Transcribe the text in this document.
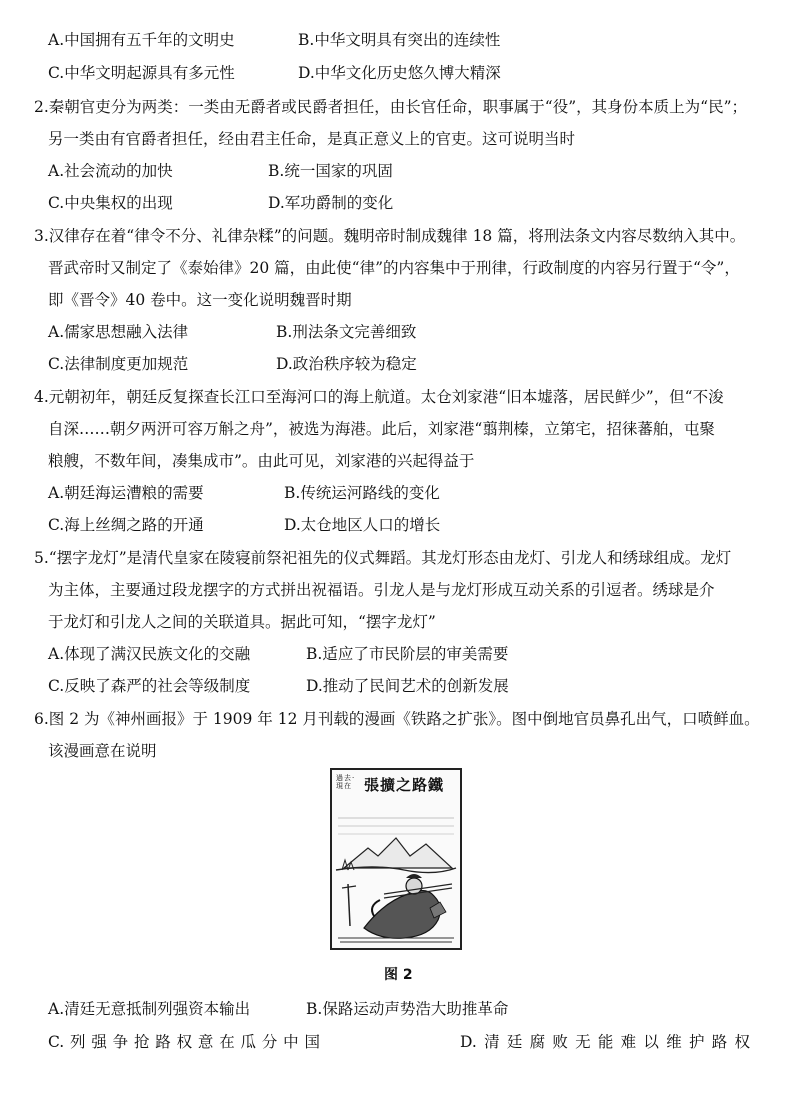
A.中国拥有五千年的文明史	B.中华文明具有突出的连续性
C.中华文明起源具有多元性	D.中华文化历史悠久博大精深
2.秦朝官吏分为两类：一类由无爵者或民爵者担任，由长官任命，职事属于“役”，其身份本质上为“民”；
另一类由有官爵者担任，经由君主任命，是真正意义上的官吏。这可说明当时
A.社会流动的加快	B.统一国家的巩固
C.中央集权的出现	D.军功爵制的变化
3.汉律存在着“律令不分、礼律杂糅”的问题。魏明帝时制成魏律 18 篇，将刑法条文内容尽数纳入其中。
晋武帝时又制定了《泰始律》20 篇，由此使“律”的内容集中于刑律，行政制度的内容另行置于“令”，
即《晋令》40 卷中。这一变化说明魏晋时期
A.儒家思想融入法律	B.刑法条文完善细致
C.法律制度更加规范	D.政治秩序较为稳定
4.元朝初年，朝廷反复探查长江口至海河口的海上航道。太仓刘家港“旧本墟落，居民鲜少”，但“不浚
自深……朝夕两汧可容万斛之舟”，被选为海港。此后，刘家港“翦荆榛，立第宅，招徕蕃舶，屯聚
粮艘，不数年间，凑集成市”。由此可见，刘家港的兴起得益于
A.朝廷海运漕粮的需要	B.传统运河路线的变化
C.海上丝绸之路的开通	D.太仓地区人口的增长
5.“摆字龙灯”是清代皇家在陵寝前祭祀祖先的仪式舞蹈。其龙灯形态由龙灯、引龙人和绣球组成。龙灯
为主体，主要通过段龙摆字的方式拼出祝福语。引龙人是与龙灯形成互动关系的引逗者。绣球是介
于龙灯和引龙人之间的关联道具。据此可知，“摆字龙灯”
A.体现了满汉民族文化的交融	B.适应了市民阶层的审美需要
C.反映了森严的社会等级制度	D.推动了民间艺术的创新发展
6.图 2 为《神州画报》于 1909 年 12 月刊载的漫画《铁路之扩张》。图中倒地官员鼻孔出气，口喷鲜血。
该漫画意在说明
過去·現在 張擴之路鐵
图 2
A.清廷无意抵制列强资本输出	B.保路运动声势浩大助推革命
C. 列 强 争 抢 路 权 意 在 瓜 分 中 国	D. 清 廷 腐 败 无 能 难 以 维 护 路 权
